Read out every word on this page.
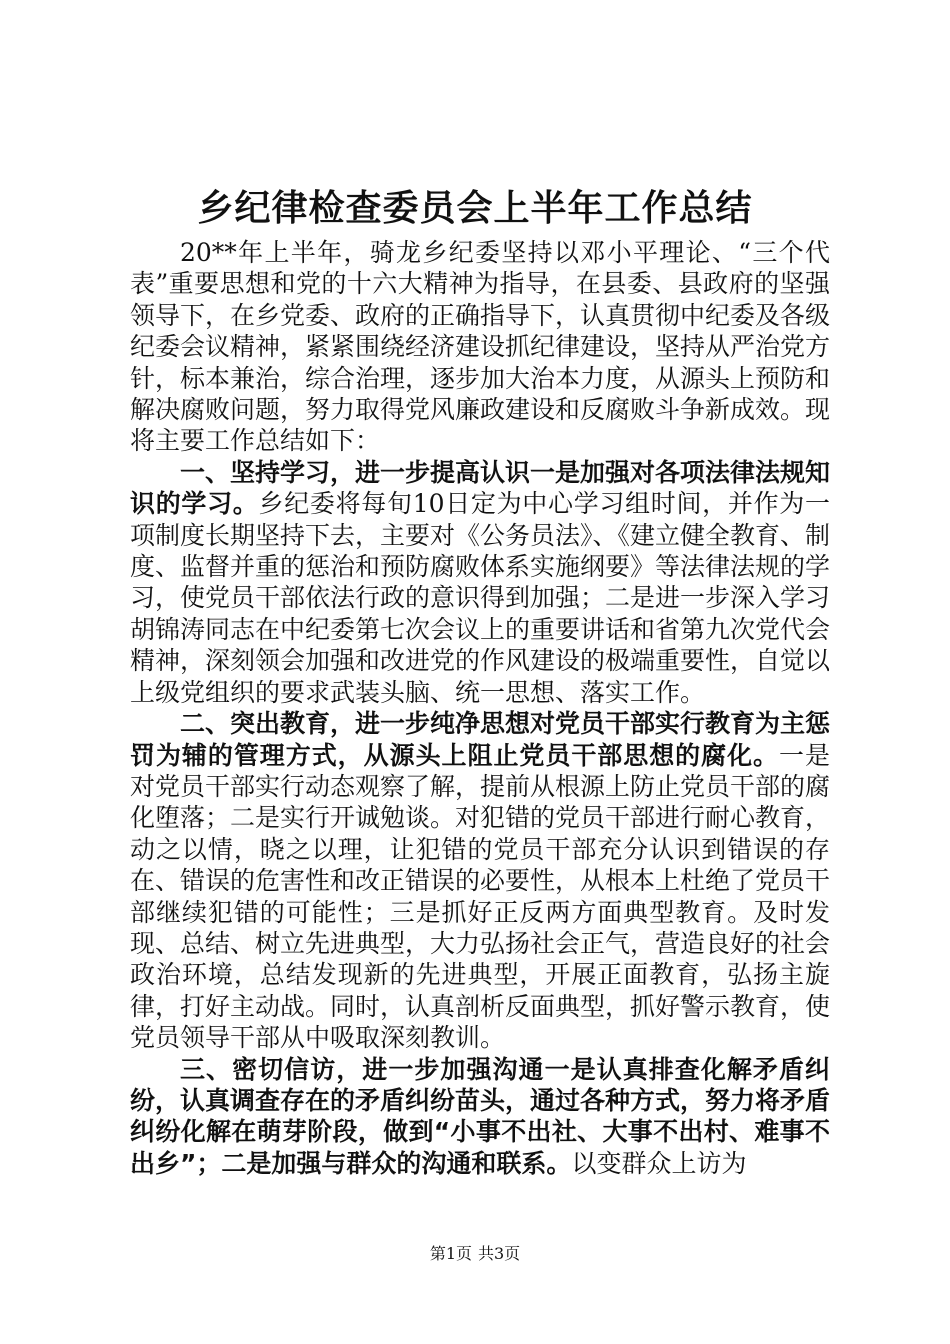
乡纪律检查委员会上半年工作总结

20**年上半年，骑龙乡纪委坚持以邓小平理论、“三个代表”重要思想和党的十六大精神为指导，在县委、县政府的坚强领导下，在乡党委、政府的正确指导下，认真贯彻中纪委及各级纪委会议精神，紧紧围绕经济建设抓纪律建设，坚持从严治党方针，标本兼治，综合治理，逐步加大治本力度，从源头上预防和解决腐败问题，努力取得党风廉政建设和反腐败斗争新成效。现将主要工作总结如下：

一、坚持学习，进一步提高认识一是加强对各项法律法规知识的学习。乡纪委将每旬10日定为中心学习组时间，并作为一项制度长期坚持下去，主要对《公务员法》、《建立健全教育、制度、监督并重的惩治和预防腐败体系实施纲要》等法律法规的学习，使党员干部依法行政的意识得到加强；二是进一步深入学习胡锦涛同志在中纪委第七次会议上的重要讲话和省第九次党代会精神，深刻领会加强和改进党的作风建设的极端重要性，自觉以上级党组织的要求武装头脑、统一思想、落实工作。

二、突出教育，进一步纯净思想对党员干部实行教育为主惩罚为辅的管理方式，从源头上阻止党员干部思想的腐化。一是对党员干部实行动态观察了解，提前从根源上防止党员干部的腐化堕落；二是实行开诚勉谈。对犯错的党员干部进行耐心教育，动之以情，晓之以理，让犯错的党员干部充分认识到错误的存在、错误的危害性和改正错误的必要性，从根本上杜绝了党员干部继续犯错的可能性；三是抓好正反两方面典型教育。及时发现、总结、树立先进典型，大力弘扬社会正气，营造良好的社会政治环境，总结发现新的先进典型，开展正面教育，弘扬主旋律，打好主动战。同时，认真剖析反面典型，抓好警示教育，使党员领导干部从中吸取深刻教训。

三、密切信访，进一步加强沟通一是认真排查化解矛盾纠纷，认真调查存在的矛盾纠纷苗头，通过各种方式，努力将矛盾纠纷化解在萌芽阶段，做到“小事不出社、大事不出村、难事不出乡”；二是加强与群众的沟通和联系。以变群众上访为

第1页 共3页
